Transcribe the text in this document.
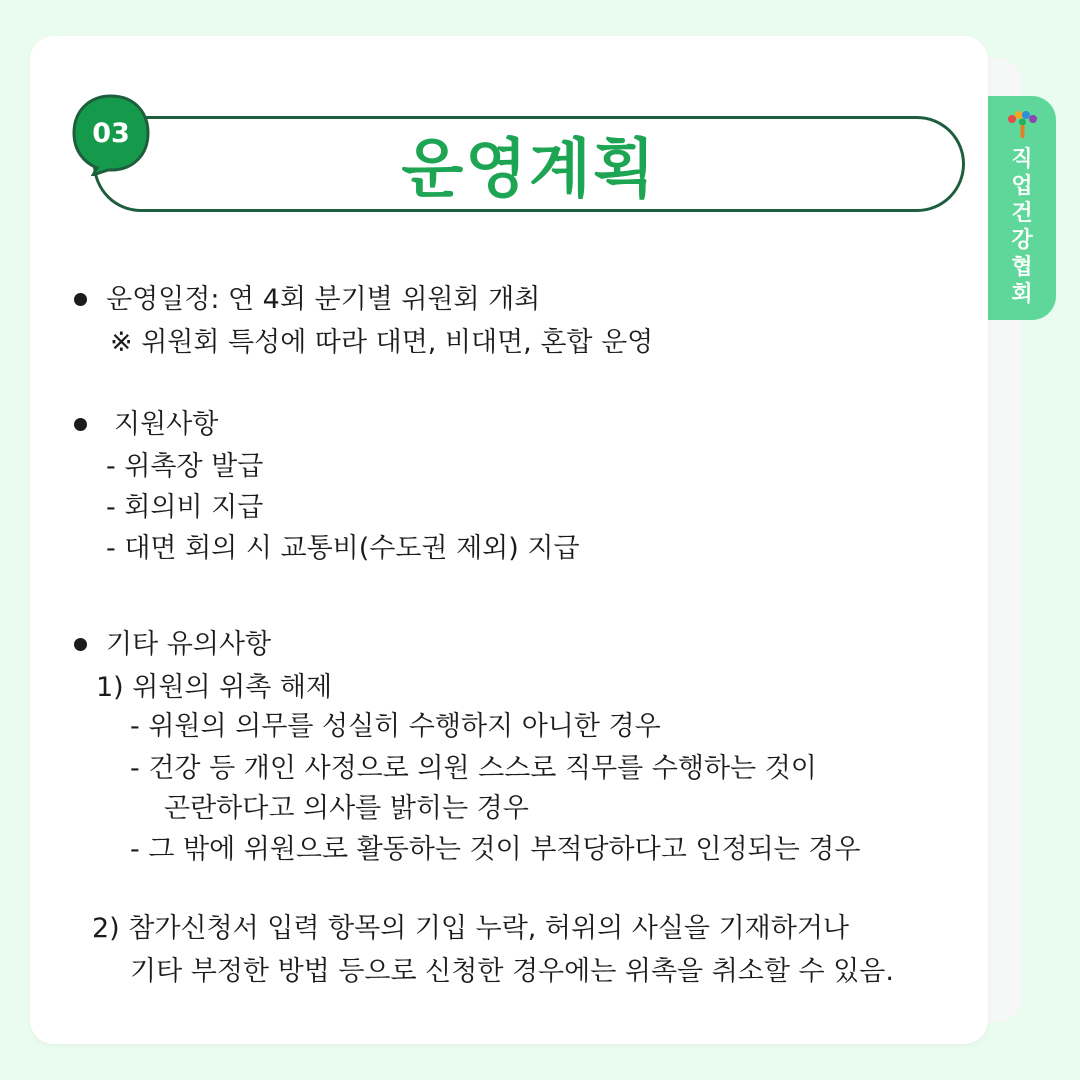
직업건강협회
운영계획
03
운영일정: 연 4회 분기별 위원회 개최
※ 위원회 특성에 따라 대면, 비대면, 혼합 운영
지원사항
- 위촉장 발급
- 회의비 지급
- 대면 회의 시 교통비(수도권 제외) 지급
기타 유의사항
1) 위원의 위촉 해제
- 위원의 의무를 성실히 수행하지 아니한 경우
- 건강 등 개인 사정으로 의원 스스로 직무를 수행하는 것이
곤란하다고 의사를 밝히는 경우
- 그 밖에 위원으로 활동하는 것이 부적당하다고 인정되는 경우
2) 참가신청서 입력 항목의 기입 누락, 허위의 사실을 기재하거나
기타 부정한 방법 등으로 신청한 경우에는 위촉을 취소할 수 있음.
